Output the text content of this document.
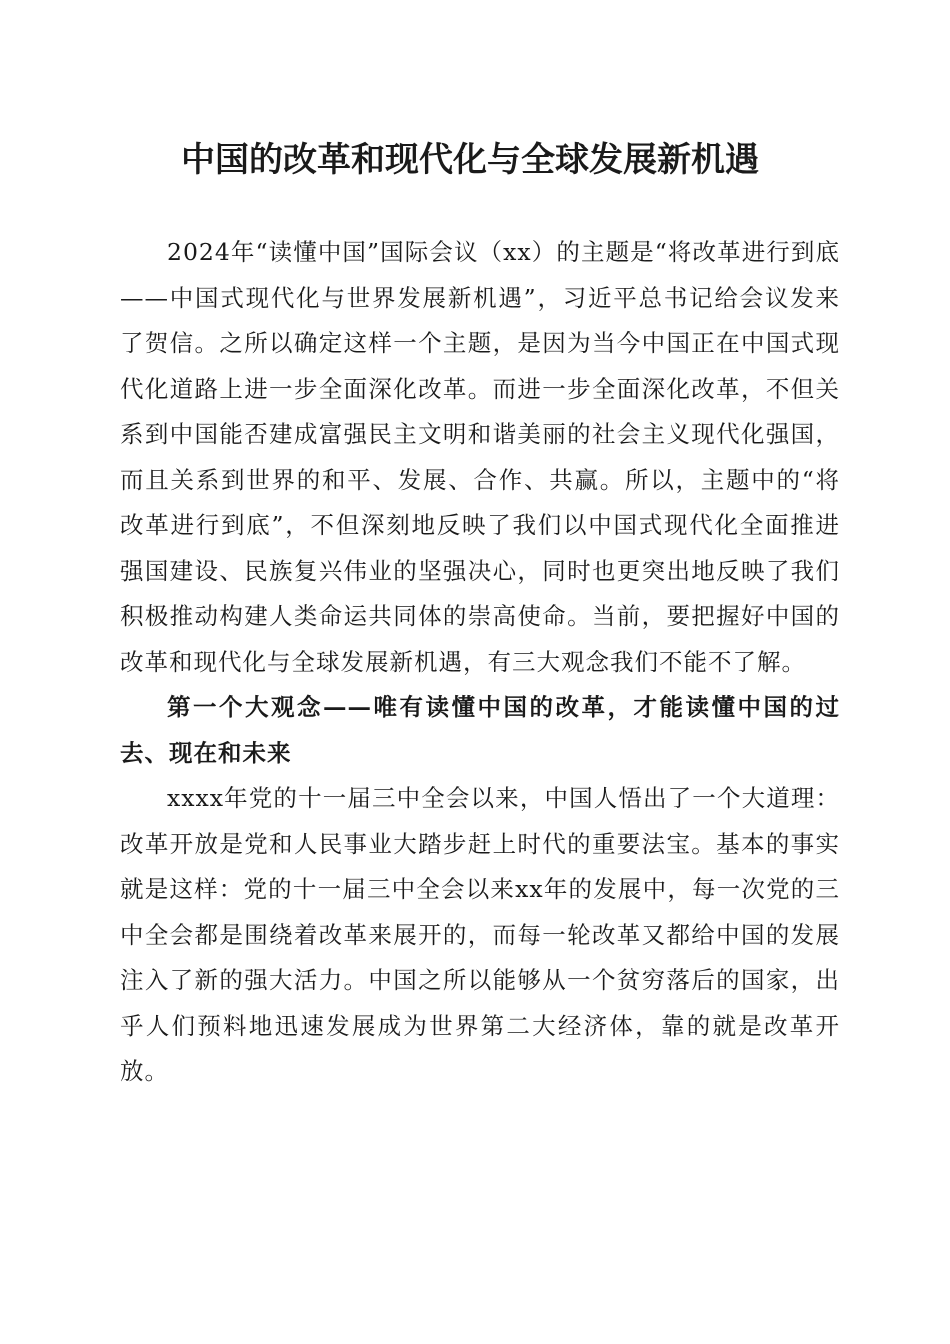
中国的改革和现代化与全球发展新机遇

2024年“读懂中国”国际会议（xx）的主题是“将改革进行到底——中国式现代化与世界发展新机遇”，习近平总书记给会议发来了贺信。之所以确定这样一个主题，是因为当今中国正在中国式现代化道路上进一步全面深化改革。而进一步全面深化改革，不但关系到中国能否建成富强民主文明和谐美丽的社会主义现代化强国，而且关系到世界的和平、发展、合作、共赢。所以，主题中的“将改革进行到底”，不但深刻地反映了我们以中国式现代化全面推进强国建设、民族复兴伟业的坚强决心，同时也更突出地反映了我们积极推动构建人类命运共同体的崇高使命。当前，要把握好中国的改革和现代化与全球发展新机遇，有三大观念我们不能不了解。

第一个大观念——唯有读懂中国的改革，才能读懂中国的过去、现在和未来

xxxx年党的十一届三中全会以来，中国人悟出了一个大道理：改革开放是党和人民事业大踏步赶上时代的重要法宝。基本的事实就是这样：党的十一届三中全会以来xx年的发展中，每一次党的三中全会都是围绕着改革来展开的，而每一轮改革又都给中国的发展注入了新的强大活力。中国之所以能够从一个贫穷落后的国家，出乎人们预料地迅速发展成为世界第二大经济体，靠的就是改革开放。
